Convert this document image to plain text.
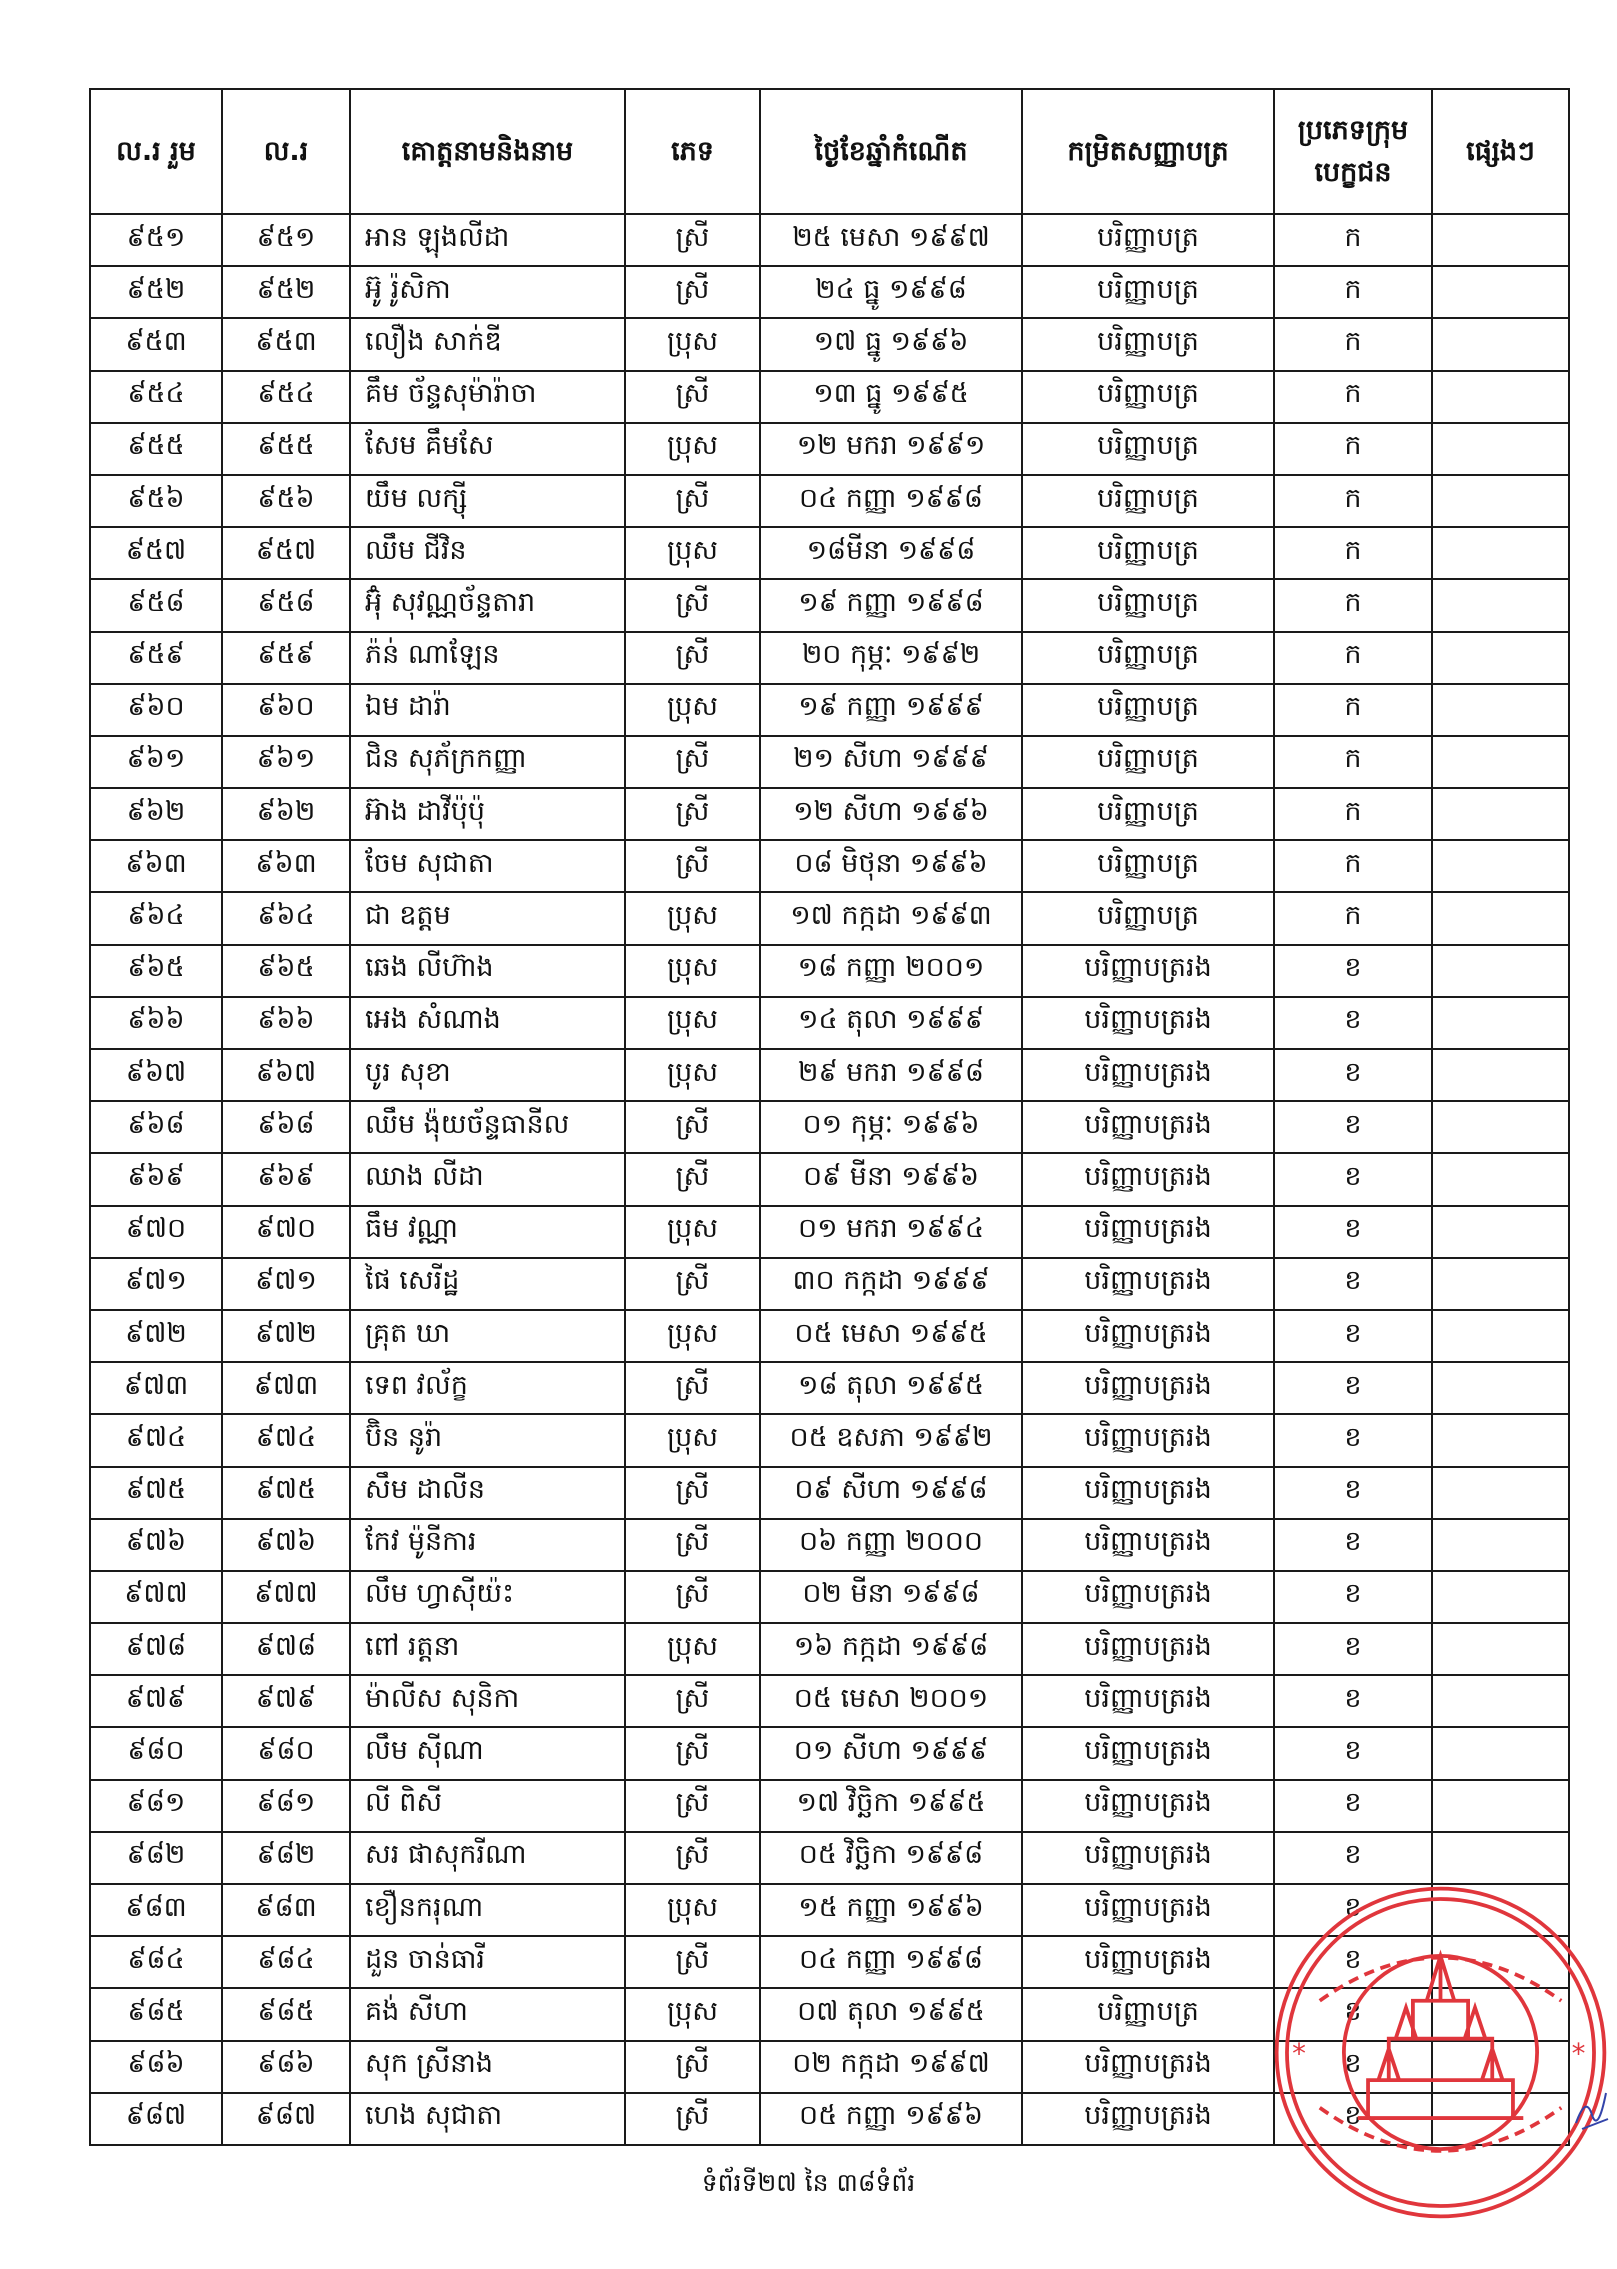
ល.រ រួម	ល.រ	គោត្តនាមនិងនាម	ភេទ	ថ្ងៃខែឆ្នាំកំណើត	កម្រិតសញ្ញាបត្រ	ប្រភេទក្រុមបេក្ខជន	ផ្សេងៗ
៩៥១	៩៥១	អាន ឡុងលីដា	ស្រី	២៥ មេសា ១៩៩៧	បរិញ្ញាបត្រ	ក	
៩៥២	៩៥២	អ៊ូ រ៉ូសិកា	ស្រី	២៤ ធ្នូ ១៩៩៨	បរិញ្ញាបត្រ	ក	
៩៥៣	៩៥៣	លឿង សាក់ឌី	ប្រុស	១៧ ធ្នូ ១៩៩៦	បរិញ្ញាបត្រ	ក	
៩៥៤	៩៥៤	គឹម ច័ន្ទសុម៉ារ៉ាចា	ស្រី	១៣ ធ្នូ ១៩៩៥	បរិញ្ញាបត្រ	ក	
៩៥៥	៩៥៥	សែម គឹមសែ	ប្រុស	១២ មករា ១៩៩១	បរិញ្ញាបត្រ	ក	
៩៥៦	៩៥៦	យឹម លក្ស៊ី	ស្រី	០៤ កញ្ញា ១៩៩៨	បរិញ្ញាបត្រ	ក	
៩៥៧	៩៥៧	ឈឹម ជីវិន	ប្រុស	១៨មីនា ១៩៩៨	បរិញ្ញាបត្រ	ក	
៩៥៨	៩៥៨	អ៊ុំ សុវណ្ណច័ន្ទតារា	ស្រី	១៩ កញ្ញា ១៩៩៨	បរិញ្ញាបត្រ	ក	
៩៥៩	៩៥៩	ភ៉ន់ ណាឡែន	ស្រី	២០ កុម្ភៈ ១៩៩២	បរិញ្ញាបត្រ	ក	
៩៦០	៩៦០	ឯម ដារ៉ា	ប្រុស	១៩ កញ្ញា ១៩៩៩	បរិញ្ញាបត្រ	ក	
៩៦១	៩៦១	ជិន សុភ័ក្រកញ្ញា	ស្រី	២១ សីហា ១៩៩៩	បរិញ្ញាបត្រ	ក	
៩៦២	៩៦២	អ៊ាង ដាវីប៉ុប៉ុ	ស្រី	១២ សីហា ១៩៩៦	បរិញ្ញាបត្រ	ក	
៩៦៣	៩៦៣	ចែម សុជាតា	ស្រី	០៨ មិថុនា ១៩៩៦	បរិញ្ញាបត្រ	ក	
៩៦៤	៩៦៤	ជា ឧត្តម	ប្រុស	១៧ កក្កដា ១៩៩៣	បរិញ្ញាបត្រ	ក	
៩៦៥	៩៦៥	ឆេង លីហ៊ាង	ប្រុស	១៨ កញ្ញា ២០០១	បរិញ្ញាបត្ររង	ខ	
៩៦៦	៩៦៦	អេង សំណាង	ប្រុស	១៤ តុលា ១៩៩៩	បរិញ្ញាបត្ររង	ខ	
៩៦៧	៩៦៧	បូរ សុខា	ប្រុស	២៩ មករា ១៩៩៨	បរិញ្ញាបត្ររង	ខ	
៩៦៨	៩៦៨	ឈឹម ង៉ុយច័ន្ទធានីល	ស្រី	០១ កុម្ភៈ ១៩៩៦	បរិញ្ញាបត្ររង	ខ	
៩៦៩	៩៦៩	ឈាង លីដា	ស្រី	០៩ មីនា ១៩៩៦	បរិញ្ញាបត្ររង	ខ	
៩៧០	៩៧០	ធឹម វណ្ណា	ប្រុស	០១ មករា ១៩៩៤	បរិញ្ញាបត្ររង	ខ	
៩៧១	៩៧១	ផៃ សេរីដ្ឋ	ស្រី	៣០ កក្កដា ១៩៩៩	បរិញ្ញាបត្ររង	ខ	
៩៧២	៩៧២	គ្រុត ឃា	ប្រុស	០៥ មេសា ១៩៩៥	បរិញ្ញាបត្ររង	ខ	
៩៧៣	៩៧៣	ទេព វល័ក្ខ	ស្រី	១៨ តុលា ១៩៩៥	បរិញ្ញាបត្ររង	ខ	
៩៧៤	៩៧៤	ប៊ិន នូរ៉ា	ប្រុស	០៥ ឧសភា ១៩៩២	បរិញ្ញាបត្ររង	ខ	
៩៧៥	៩៧៥	សឹម ដាលីន	ស្រី	០៩ សីហា ១៩៩៨	បរិញ្ញាបត្ររង	ខ	
៩៧៦	៩៧៦	កែវ ម៉ូនីការ	ស្រី	០៦ កញ្ញា ២០០០	បរិញ្ញាបត្ររង	ខ	
៩៧៧	៩៧៧	លឹម ហ្វាស៊ីយ៉ះ	ស្រី	០២ មីនា ១៩៩៨	បរិញ្ញាបត្ររង	ខ	
៩៧៨	៩៧៨	ពៅ រត្តនា	ប្រុស	១៦ កក្កដា ១៩៩៨	បរិញ្ញាបត្ររង	ខ	
៩៧៩	៩៧៩	ម៉ាលីស សុនិកា	ស្រី	០៥ មេសា ២០០១	បរិញ្ញាបត្ររង	ខ	
៩៨០	៩៨០	លឹម ស៊ីណា	ស្រី	០១ សីហា ១៩៩៩	បរិញ្ញាបត្ររង	ខ	
៩៨១	៩៨១	លី ពិសី	ស្រី	១៧ វិច្ឆិកា ១៩៩៥	បរិញ្ញាបត្ររង	ខ	
៩៨២	៩៨២	សរ ផាសុករីណា	ស្រី	០៥ វិច្ឆិកា ១៩៩៨	បរិញ្ញាបត្ររង	ខ	
៩៨៣	៩៨៣	ខឿនករុណា	ប្រុស	១៥ កញ្ញា ១៩៩៦	បរិញ្ញាបត្ររង	ខ	
៩៨៤	៩៨៤	ដួន ចាន់ធារី	ស្រី	០៤ កញ្ញា ១៩៩៨	បរិញ្ញាបត្ររង	ខ	
៩៨៥	៩៨៥	គង់ សីហា	ប្រុស	០៧ តុលា ១៩៩៥	បរិញ្ញាបត្រ	ខ	
៩៨៦	៩៨៦	សុក ស្រីនាង	ស្រី	០២ កក្កដា ១៩៩៧	បរិញ្ញាបត្ររង	ខ	
៩៨៧	៩៨៧	ហេង សុជាតា	ស្រី	០៥ កញ្ញា ១៩៩៦	បរិញ្ញាបត្ររង	ខ	
ទំព័រទី២៧ នៃ ៣៨ទំព័រ
*	*
